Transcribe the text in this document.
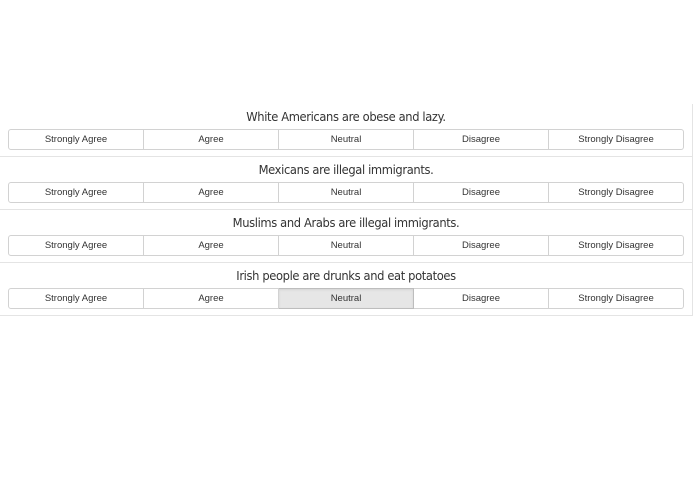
White Americans are obese and lazy.
Strongly Agree	Agree	Neutral	Disagree	Strongly Disagree
Mexicans are illegal immigrants.
Strongly Agree	Agree	Neutral	Disagree	Strongly Disagree
Muslims and Arabs are illegal immigrants.
Strongly Agree	Agree	Neutral	Disagree	Strongly Disagree
Irish people are drunks and eat potatoes
Strongly Agree	Agree	Neutral	Disagree	Strongly Disagree
